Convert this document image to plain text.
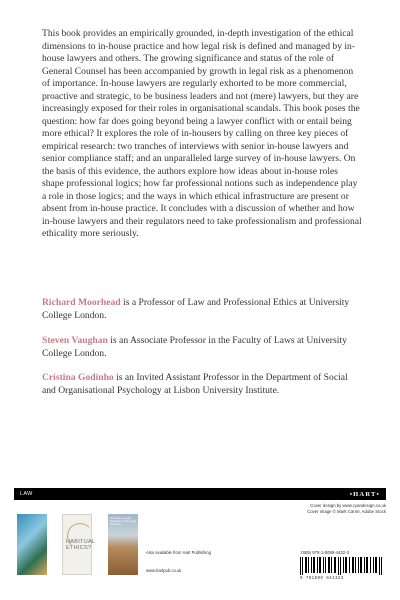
This book provides an empirically grounded, in-depth investigation of the ethical dimensions to in-house practice and how legal risk is defined and managed by in-house lawyers and others. The growing significance and status of the role of General Counsel has been accompanied by growth in legal risk as a phenomenon of importance. In-house lawyers are regularly exhorted to be more commercial, proactive and strategic, to be business leaders and not (mere) lawyers, but they are increasingly exposed for their roles in organisational scandals. This book poses the question: how far does going beyond being a lawyer conflict with or entail being more ethical? It explores the role of in-housers by calling on three key pieces of empirical research: two tranches of interviews with senior in-house lawyers and senior compliance staff; and an unparalleled large survey of in-house lawyers. On the basis of this evidence, the authors explore how ideas about in-house roles shape professional logics; how far professional notions such as independence play a role in those logics; and the ways in which ethical infrastructure are present or absent from in-house practice. It concludes with a discussion of whether and how in-house lawyers and their regulators need to take professionalism and professional ethicality more seriously.

Richard Moorhead is a Professor of Law and Professional Ethics at University College London.

Steven Vaughan is an Associate Professor in the Faculty of Laws at University College London.

Cristina Godinho is an Invited Assistant Professor in the Department of Social and Organisational Psychology at Lisbon University Institute.

LAW	•HART•
HABITUAL ETHICS?
The Future of Legal Education and the Legal Profession

Also available from Hart Publishing

www.hartpub.co.uk

Cover design by www.cyandesign.co.uk
Cover image © Mark Carrel, Adobe Stock

ISBN 978-1-5099-4432-3

9 781509 944323
